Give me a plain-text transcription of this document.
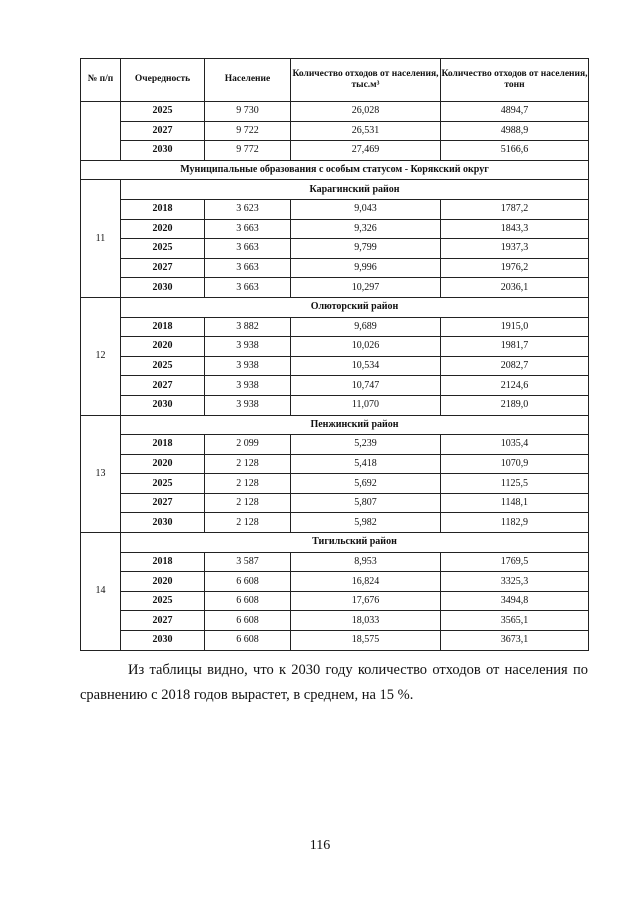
№ п/п	Очередность	Население	Количество отходов от населения, тыс.м³	Количество отходов от населения, тонн
	2025	9 730	26,028	4894,7
	2027	9 722	26,531	4988,9
	2030	9 772	27,469	5166,6
Муниципальные образования с особым статусом - Корякский округ				
11	Карагинский район			
	2018	3 623	9,043	1787,2
	2020	3 663	9,326	1843,3
	2025	3 663	9,799	1937,3
	2027	3 663	9,996	1976,2
	2030	3 663	10,297	2036,1
12	Олюторский район			
	2018	3 882	9,689	1915,0
	2020	3 938	10,026	1981,7
	2025	3 938	10,534	2082,7
	2027	3 938	10,747	2124,6
	2030	3 938	11,070	2189,0
13	Пенжинский район			
	2018	2 099	5,239	1035,4
	2020	2 128	5,418	1070,9
	2025	2 128	5,692	1125,5
	2027	2 128	5,807	1148,1
	2030	2 128	5,982	1182,9
14	Тигильский район			
	2018	3 587	8,953	1769,5
	2020	6 608	16,824	3325,3
	2025	6 608	17,676	3494,8
	2027	6 608	18,033	3565,1
	2030	6 608	18,575	3673,1
Из таблицы видно, что к 2030 году количество отходов от населения по
сравнению с 2018 годов вырастет, в среднем, на 15 %.
116
